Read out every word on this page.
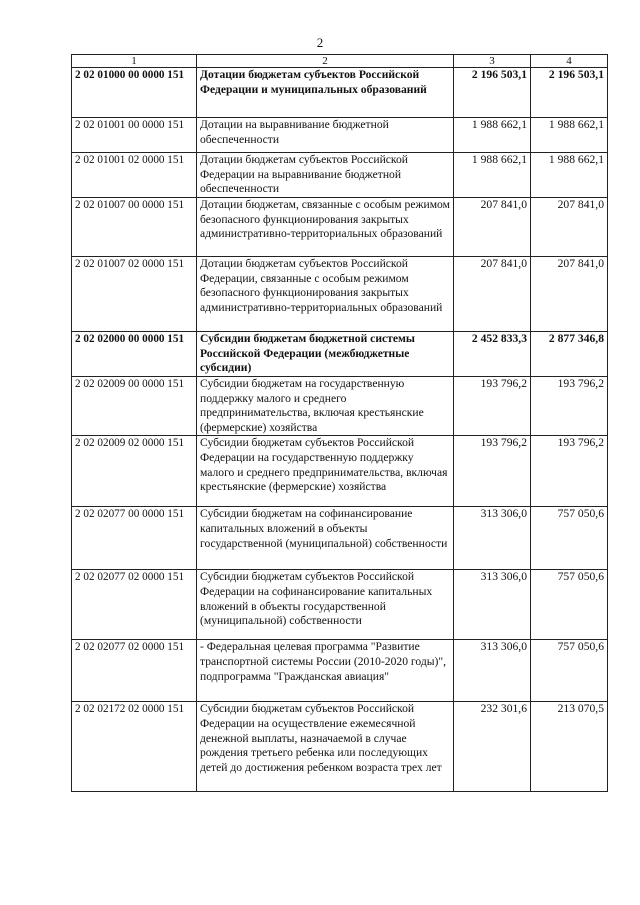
2
1	2	3	4
2 02 01000 00 0000 151	Дотации бюджетам субъектов Российской Федерации и муниципальных образований	2 196 503,1	2 196 503,1
2 02 01001 00 0000 151	Дотации на выравнивание бюджетной обеспеченности	1 988 662,1	1 988 662,1
2 02 01001 02 0000 151	Дотации бюджетам субъектов Российской Федерации на выравнивание бюджетной обеспеченности	1 988 662,1	1 988 662,1
2 02 01007 00 0000 151	Дотации бюджетам, связанные с особым режимом безопасного функционирования закрытых административно-территориальных образований	207 841,0	207 841,0
2 02 01007 02 0000 151	Дотации бюджетам субъектов Российской Федерации, связанные с особым режимом безопасного функционирования закрытых административно-территориальных образований	207 841,0	207 841,0
2 02 02000 00 0000 151	Субсидии бюджетам бюджетной системы Российской Федерации (межбюджетные субсидии)	2 452 833,3	2 877 346,8
2 02 02009 00 0000 151	Субсидии бюджетам на государственную поддержку малого и среднего предпринимательства, включая крестьянские (фермерские) хозяйства	193 796,2	193 796,2
2 02 02009 02 0000 151	Субсидии бюджетам субъектов Российской Федерации на государственную поддержку малого и среднего предпринимательства, включая крестьянские (фермерские) хозяйства	193 796,2	193 796,2
2 02 02077 00 0000 151	Субсидии бюджетам на софинансирование капитальных вложений в объекты государственной (муниципальной) собственности	313 306,0	757 050,6
2 02 02077 02 0000 151	Субсидии бюджетам субъектов Российской Федерации на софинансирование капитальных вложений в объекты государственной (муниципальной) собственности	313 306,0	757 050,6
2 02 02077 02 0000 151	- Федеральная целевая программа "Развитие транспортной системы России (2010-2020 годы)", подпрограмма "Гражданская авиация"	313 306,0	757 050,6
2 02 02172 02 0000 151	Субсидии бюджетам субъектов Российской Федерации на осуществление ежемесячной денежной выплаты, назначаемой в случае рождения третьего ребенка или последующих детей до достижения ребенком возраста трех лет	232 301,6	213 070,5
